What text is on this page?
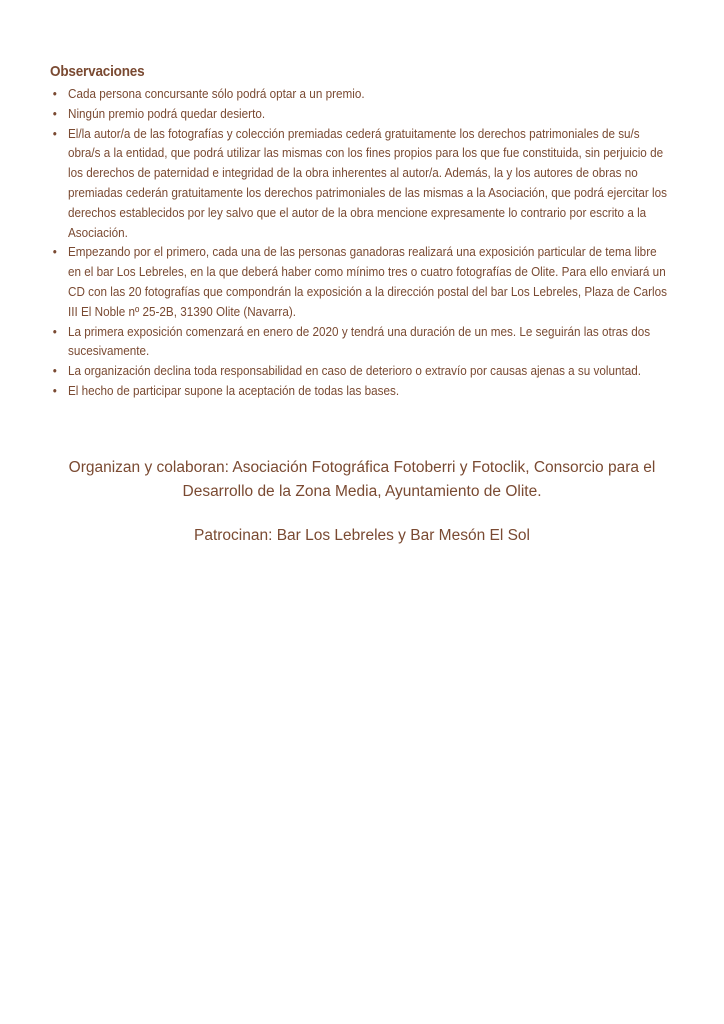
Observaciones
• Cada persona concursante sólo podrá optar a un premio.
• Ningún premio podrá quedar desierto.
• El/la autor/a de las fotografías y colección premiadas cederá gratuitamente los derechos patrimoniales de su/s obra/s a la entidad, que podrá utilizar las mismas con los fines propios para los que fue constituida, sin perjuicio de los derechos de paternidad e integridad de la obra inherentes al autor/a. Además, la y los autores de obras no premiadas cederán gratuitamente los derechos patrimoniales de las mismas a la Asociación, que podrá ejercitar los derechos establecidos por ley salvo que el autor de la obra mencione expresamente lo contrario por escrito a la Asociación.
• Empezando por el primero, cada una de las personas ganadoras realizará una exposición particular de tema libre en el bar Los Lebreles, en la que deberá haber como mínimo tres o cuatro fotografías de Olite. Para ello enviará un CD con las 20 fotografías que compondrán la exposición a la dirección postal del bar Los Lebreles, Plaza de Carlos III El Noble nº 25-2B, 31390 Olite (Navarra).
• La primera exposición comenzará en enero de 2020 y tendrá una duración de un mes. Le seguirán las otras dos sucesivamente.
• La organización declina toda responsabilidad en caso de deterioro o extravío por causas ajenas a su voluntad.
• El hecho de participar supone la aceptación de todas las bases.

Organizan y colaboran: Asociación Fotográfica Fotoberri y Fotoclik, Consorcio para el Desarrollo de la Zona Media, Ayuntamiento de Olite.

Patrocinan: Bar Los Lebreles y Bar Mesón El Sol
